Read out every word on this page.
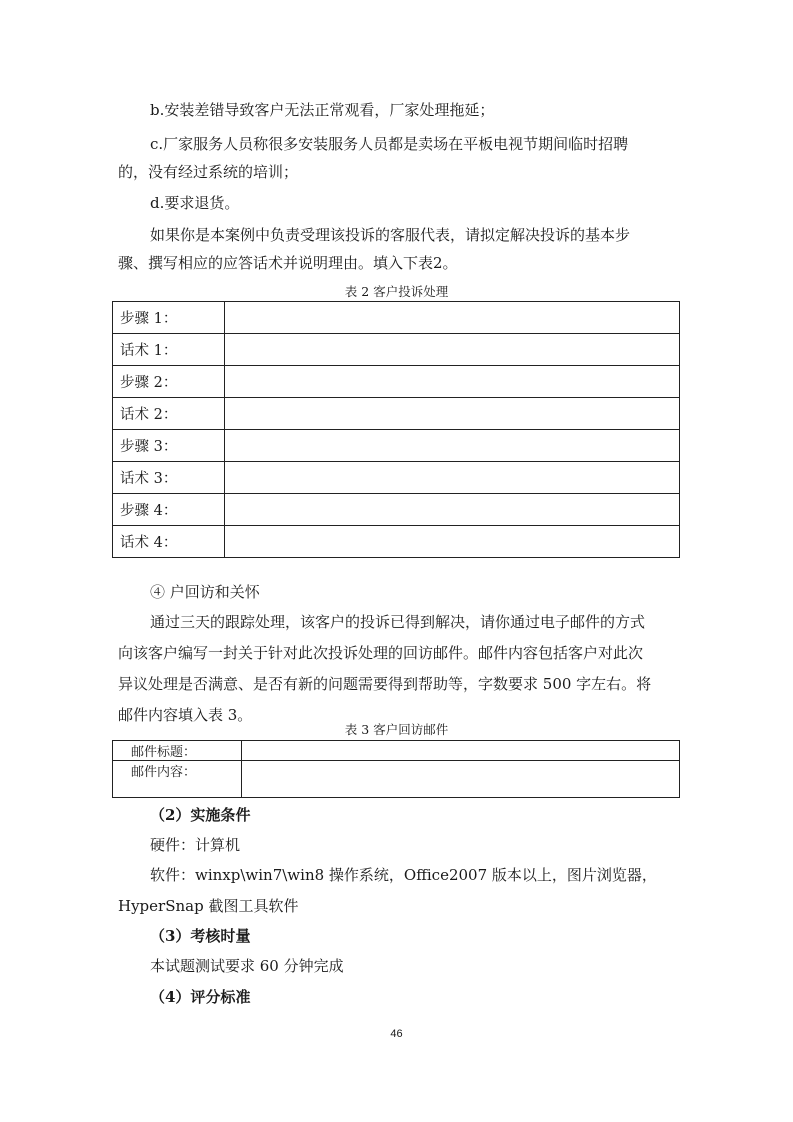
b.安装差错导致客户无法正常观看，厂家处理拖延；
c.厂家服务人员称很多安装服务人员都是卖场在平板电视节期间临时招聘
的，没有经过系统的培训；
d.要求退货。
如果你是本案例中负责受理该投诉的客服代表，请拟定解决投诉的基本步
骤、撰写相应的应答话术并说明理由。填入下表2。
表 2 客户投诉处理
步骤 1：	
话术 1：	
步骤 2：	
话术 2：	
步骤 3：	
话术 3：	
步骤 4：	
话术 4：	
④ 户回访和关怀
通过三天的跟踪处理，该客户的投诉已得到解决，请你通过电子邮件的方式
向该客户编写一封关于针对此次投诉处理的回访邮件。邮件内容包括客户对此次
异议处理是否满意、是否有新的问题需要得到帮助等，字数要求 500 字左右。将
邮件内容填入表 3。
表 3 客户回访邮件
邮件标题：	
邮件内容：	
（2）实施条件
硬件：计算机
软件：winxp\win7\win8 操作系统，Office2007 版本以上，图片浏览器，
HyperSnap 截图工具软件
（3）考核时量
本试题测试要求 60 分钟完成
（4）评分标准
46
